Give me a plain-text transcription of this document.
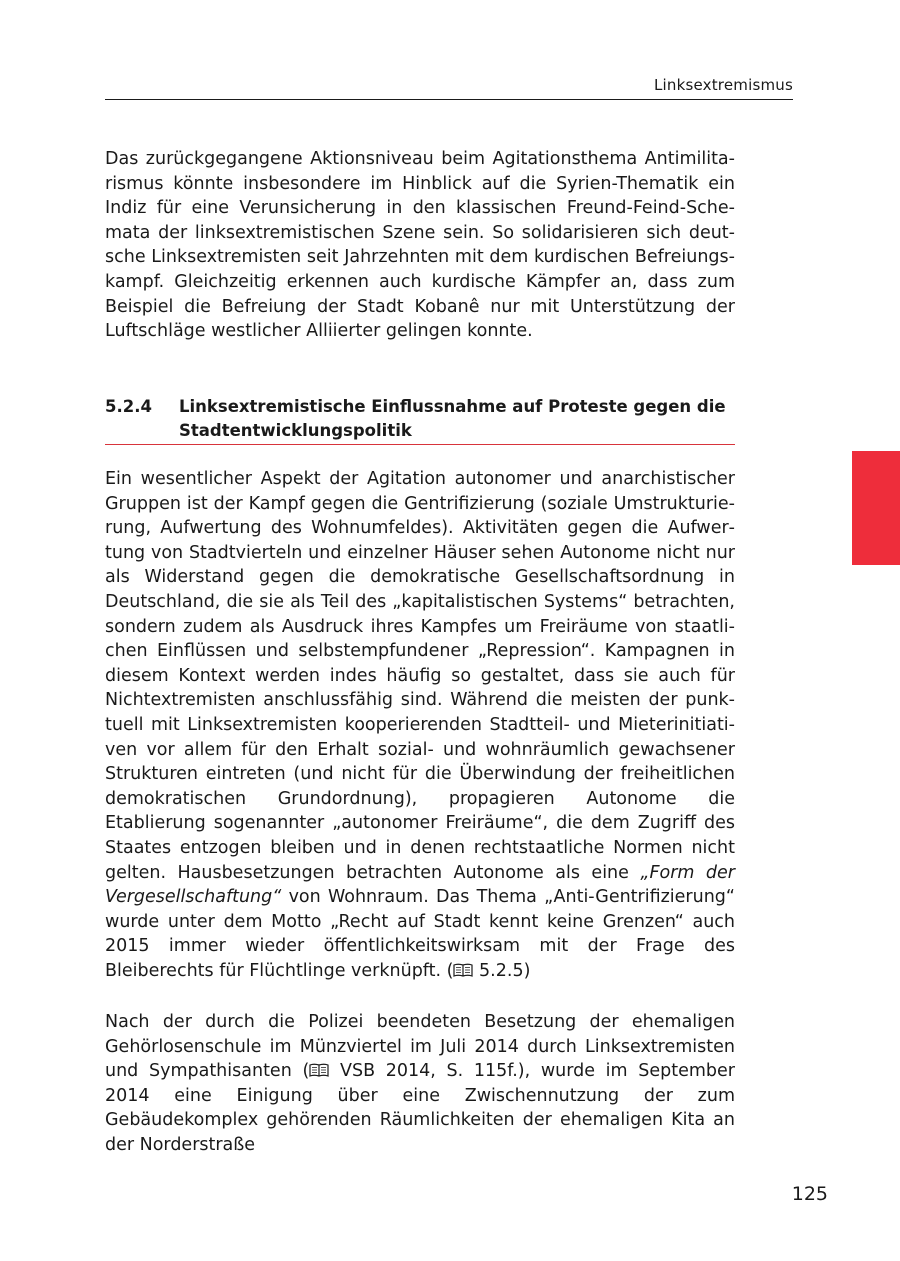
Linksextremismus

Das zurückgegangene Aktionsniveau beim Agitationsthema Antimilitarismus könnte insbesondere im Hinblick auf die Syrien-Thematik ein Indiz für eine Verunsicherung in den klassischen Freund-Feind-Schemata der linksextremistischen Szene sein. So solidarisieren sich deutsche Linksextremisten seit Jahrzehnten mit dem kurdischen Befreiungskampf. Gleichzeitig erkennen auch kurdische Kämpfer an, dass zum Beispiel die Befreiung der Stadt Kobanê nur mit Unterstützung der Luftschläge westlicher Alliierter gelingen konnte.

5.2.4	Linksextremistische Einflussnahme auf Proteste gegen die Stadtentwicklungspolitik

Ein wesentlicher Aspekt der Agitation autonomer und anarchistischer Gruppen ist der Kampf gegen die Gentrifizierung (soziale Umstrukturierung, Aufwertung des Wohnumfeldes). Aktivitäten gegen die Aufwertung von Stadtvierteln und einzelner Häuser sehen Autonome nicht nur als Widerstand gegen die demokratische Gesellschaftsordnung in Deutschland, die sie als Teil des „kapitalistischen Systems“ betrachten, sondern zudem als Ausdruck ihres Kampfes um Freiräume von staatlichen Einflüssen und selbstempfundener „Repression“. Kampagnen in diesem Kontext werden indes häufig so gestaltet, dass sie auch für Nichtextremisten anschlussfähig sind. Während die meisten der punktuell mit Linksextremisten kooperierenden Stadtteil- und Mieterinitiativen vor allem für den Erhalt sozial- und wohnräumlich gewachsener Strukturen eintreten (und nicht für die Überwindung der freiheitlichen demokratischen Grundordnung), propagieren Autonome die Etablierung sogenannter „autonomer Freiräume“, die dem Zugriff des Staates entzogen bleiben und in denen rechtstaatliche Normen nicht gelten. Hausbesetzungen betrachten Autonome als eine „Form der Vergesellschaftung“ von Wohnraum. Das Thema „Anti-Gentrifizierung“ wurde unter dem Motto „Recht auf Stadt kennt keine Grenzen“ auch 2015 immer wieder öffentlichkeitswirksam mit der Frage des Bleiberechts für Flüchtlinge verknüpft. ( 5.2.5)

Nach der durch die Polizei beendeten Besetzung der ehemaligen Gehörlosenschule im Münzviertel im Juli 2014 durch Linksextremisten und Sympathisanten ( VSB 2014, S. 115f.), wurde im September 2014 eine Einigung über eine Zwischennutzung der zum Gebäudekomplex gehörenden Räumlichkeiten der ehemaligen Kita an der Norderstraße

125
